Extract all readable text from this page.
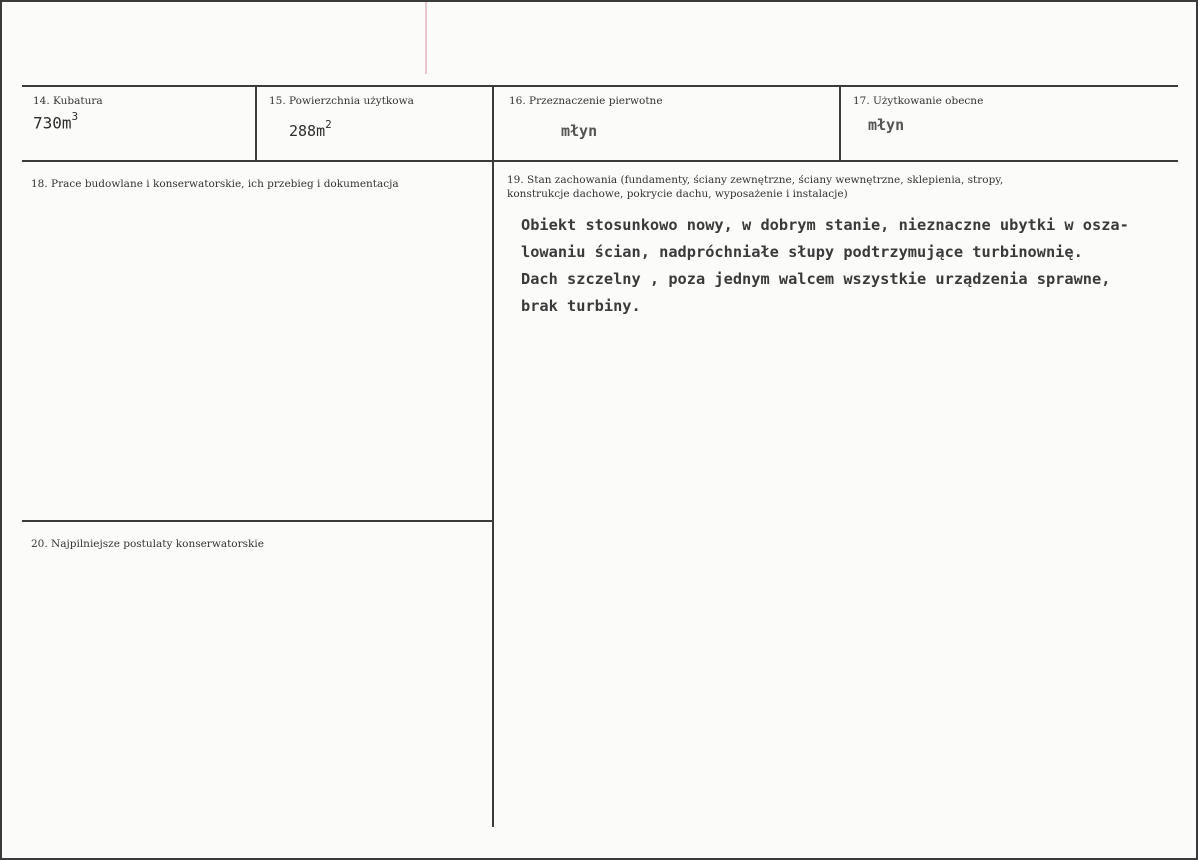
14. Kubatura
$730m^3$
15. Powierzchnia użytkowa
$288m^2$
16. Przeznaczenie pierwotne
młyn
17. Użytkowanie obecne
młyn
18. Prace budowlane i konserwatorskie, ich przebieg i dokumentacja	19. Stan zachowania (fundamenty, ściany zewnętrzne, ściany wewnętrzne, sklepienia, stropy, konstrukcje dachowe, pokrycie dachu, wyposażenie i instalacje)
Obiekt stosunkowo nowy, w dobrym stanie, nieznaczne ubytki w osza-
lowaniu ścian, nadpróchniałe słupy podtrzymujące turbinownię.
Dach szczelny , poza jednym walcem wszystkie urządzenia sprawne,
brak turbiny.
20. Najpilniejsze postulaty konserwatorskie
